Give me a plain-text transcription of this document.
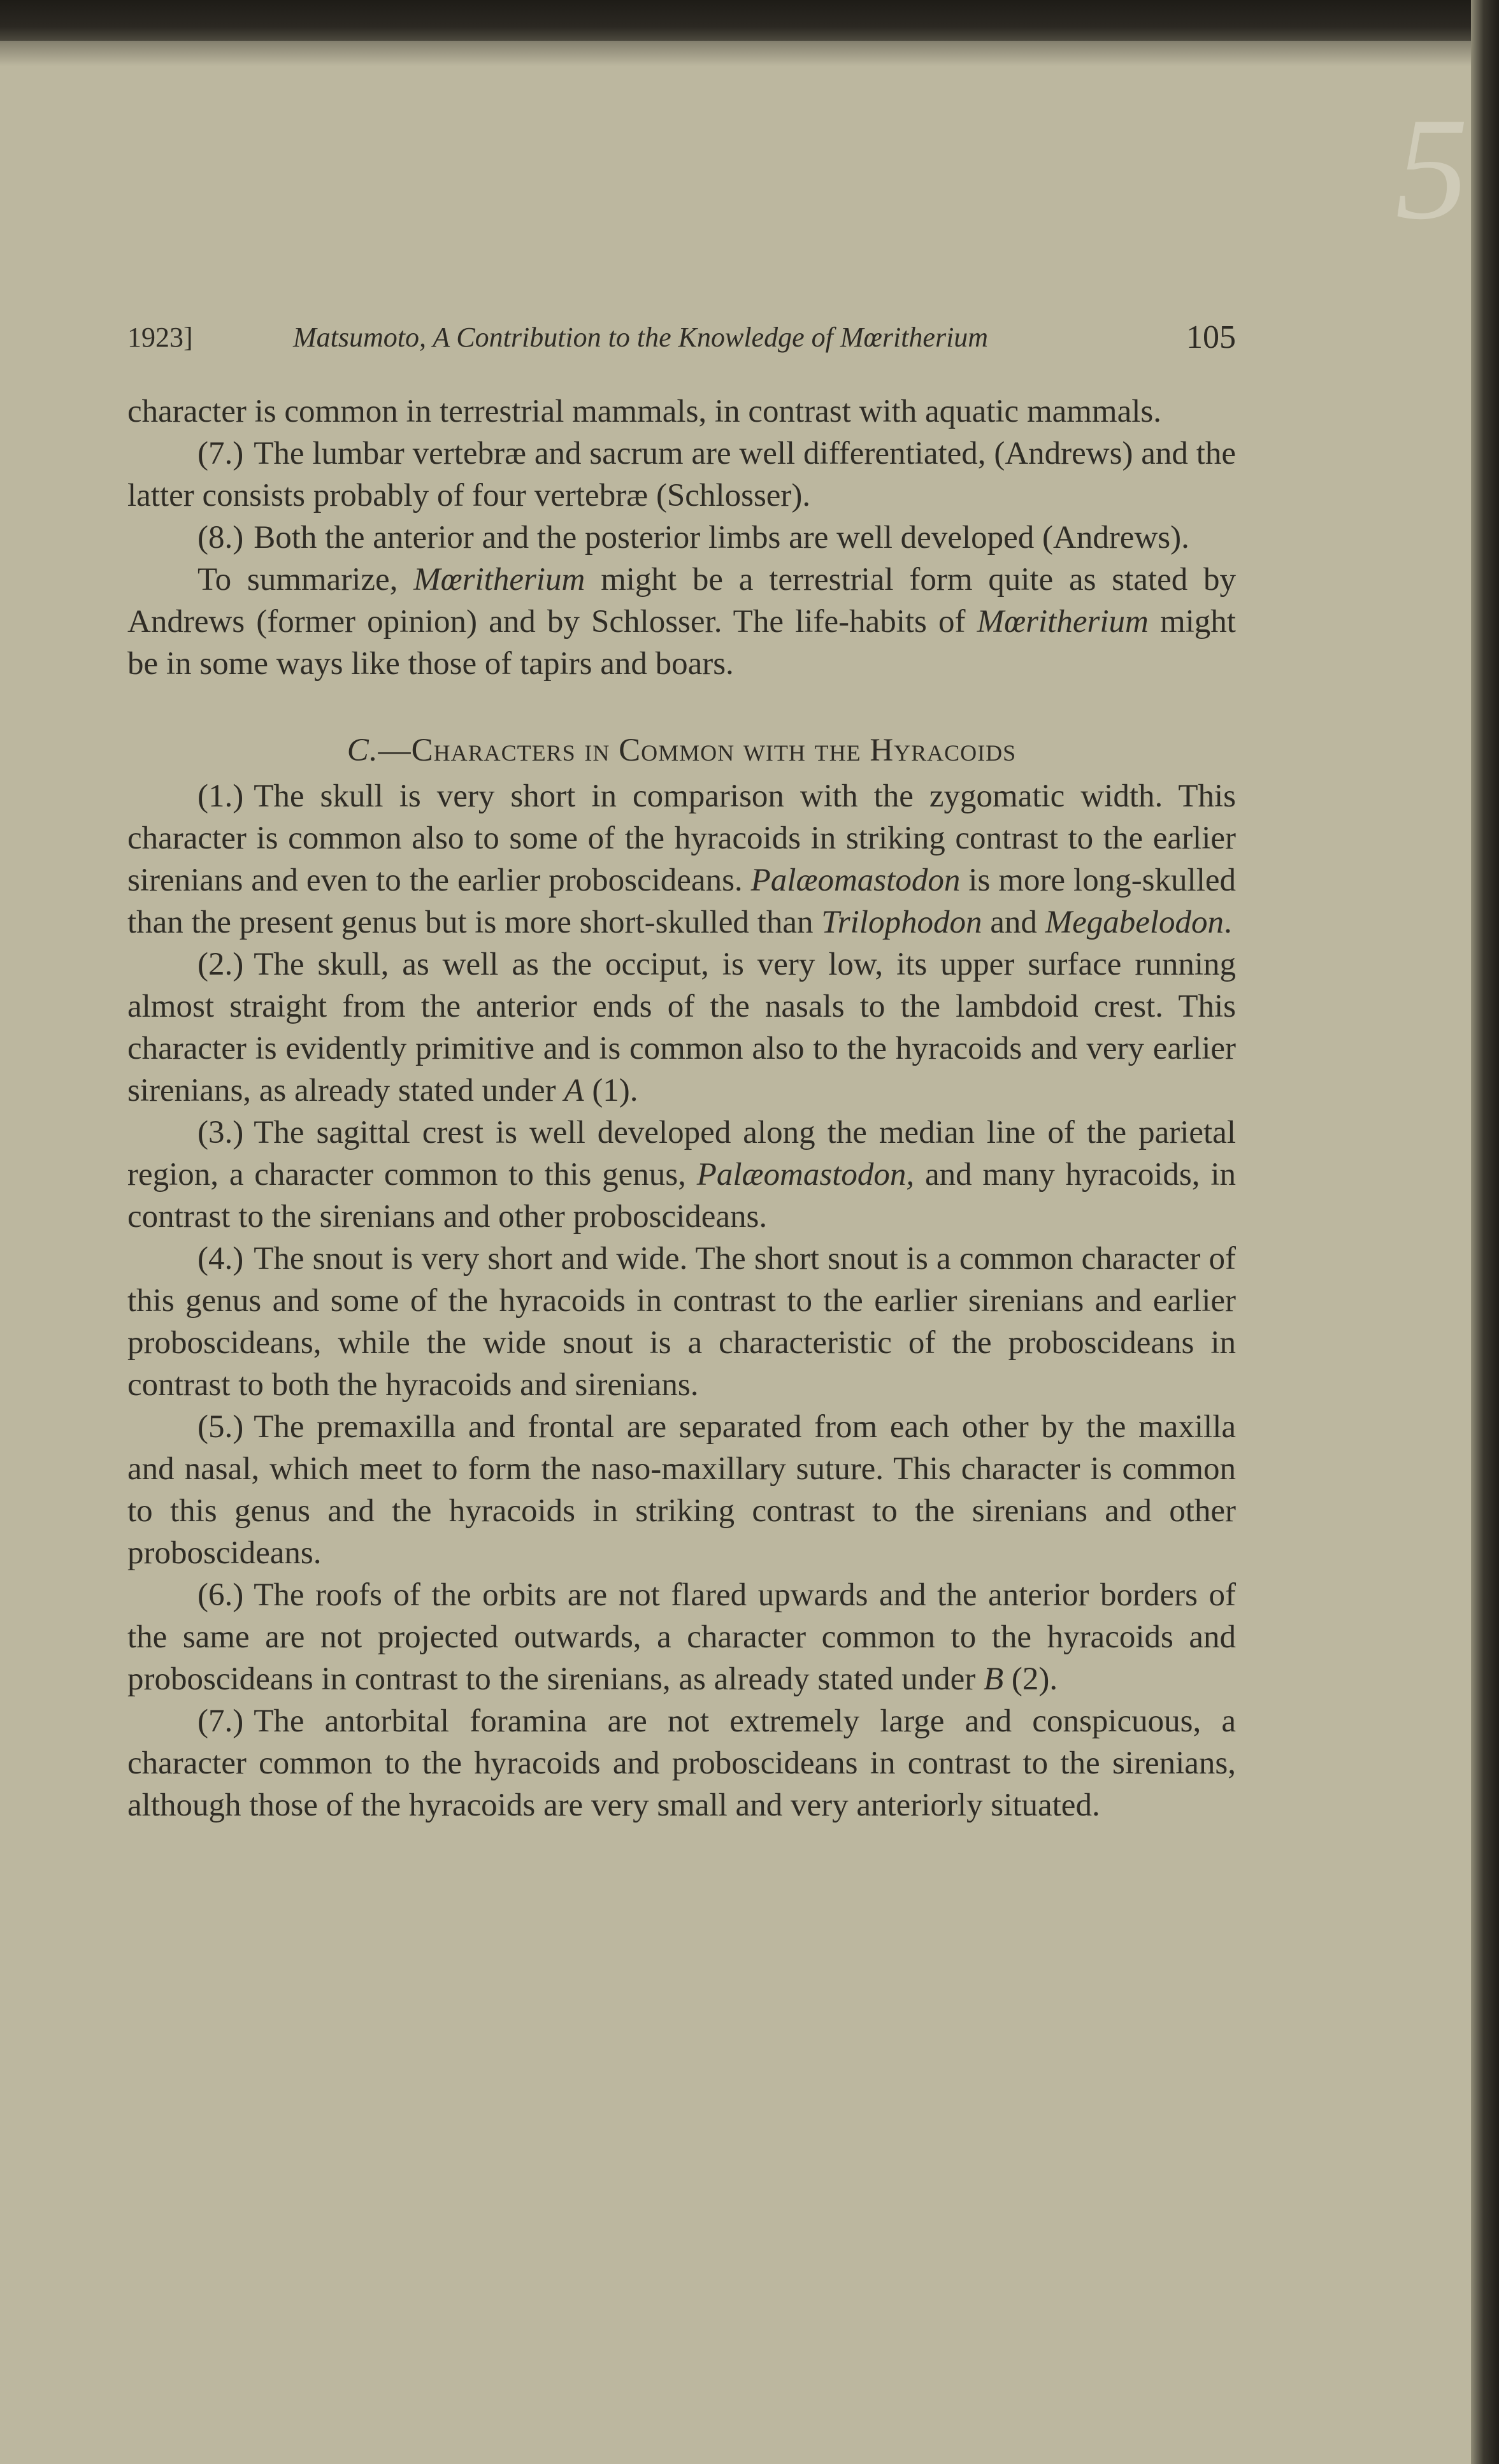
5
1923]	Matsumoto, A Contribution to the Knowledge of Mœritherium	105

character is common in terrestrial mammals, in contrast with aquatic mammals.

(7.) The lumbar vertebræ and sacrum are well differentiated, (Andrews) and the latter consists probably of four vertebræ (Schlosser).

(8.) Both the anterior and the posterior limbs are well developed (Andrews).

To summarize, Mœritherium might be a terrestrial form quite as stated by Andrews (former opinion) and by Schlosser. The life-habits of Mœritherium might be in some ways like those of tapirs and boars.

C.—Characters in Common with the Hyracoids

(1.) The skull is very short in comparison with the zygomatic width. This character is common also to some of the hyracoids in striking contrast to the earlier sirenians and even to the earlier proboscideans. Palæomastodon is more long-skulled than the present genus but is more short-skulled than Trilophodon and Megabelodon.

(2.) The skull, as well as the occiput, is very low, its upper surface running almost straight from the anterior ends of the nasals to the lambdoid crest. This character is evidently primitive and is common also to the hyracoids and very earlier sirenians, as already stated under A (1).

(3.) The sagittal crest is well developed along the median line of the parietal region, a character common to this genus, Palæomastodon, and many hyracoids, in contrast to the sirenians and other proboscideans.

(4.) The snout is very short and wide. The short snout is a common character of this genus and some of the hyracoids in contrast to the earlier sirenians and earlier proboscideans, while the wide snout is a characteristic of the proboscideans in contrast to both the hyracoids and sirenians.

(5.) The premaxilla and frontal are separated from each other by the maxilla and nasal, which meet to form the naso-maxillary suture. This character is common to this genus and the hyracoids in striking contrast to the sirenians and other proboscideans.

(6.) The roofs of the orbits are not flared upwards and the anterior borders of the same are not projected outwards, a character common to the hyracoids and proboscideans in contrast to the sirenians, as already stated under B (2).

(7.) The antorbital foramina are not extremely large and conspicuous, a character common to the hyracoids and proboscideans in contrast to the sirenians, although those of the hyracoids are very small and very anteriorly situated.
